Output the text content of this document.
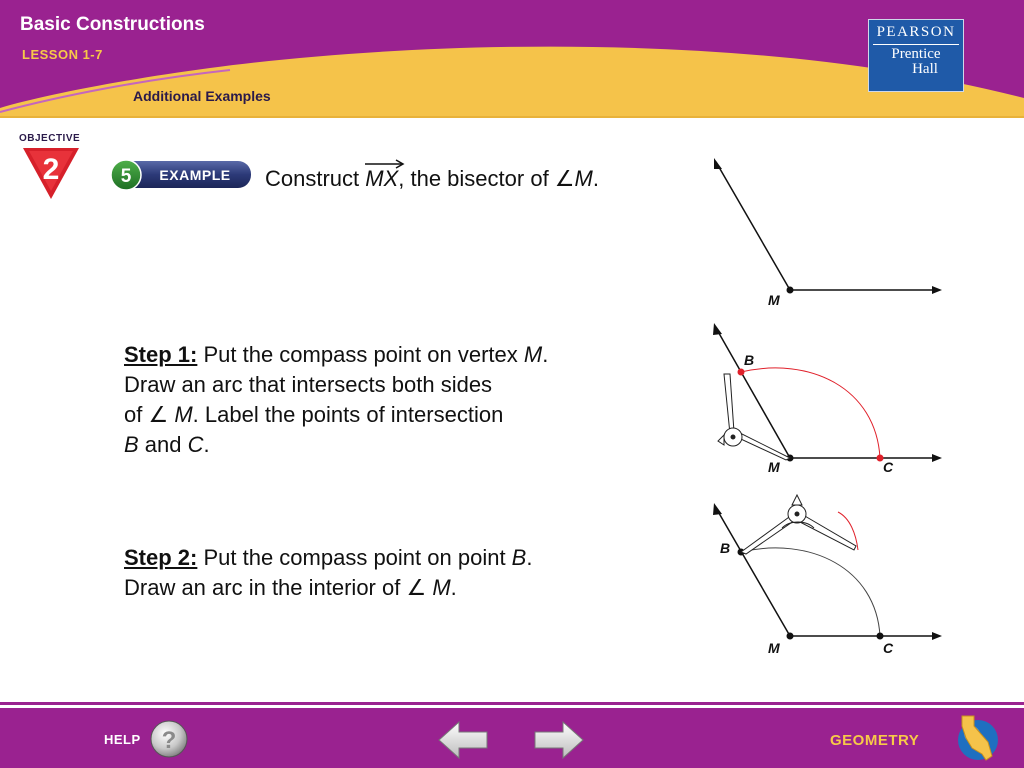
Basic Constructions
LESSON 1-7
Additional Examples
PEARSON
Prentice
Hall
OBJECTIVE
2	5 EXAMPLE Construct
MX, the bisector of ∠M.
Step 1: Put the compass point on vertex M.
Draw an arc that intersects both sides
of ∠ M. Label the points of intersection
B and C.
Step 2: Put the compass point on point B.
Draw an arc in the interior of ∠ M.
M
B
M	C
B
M	C
HELP ?	GEOMETRY
